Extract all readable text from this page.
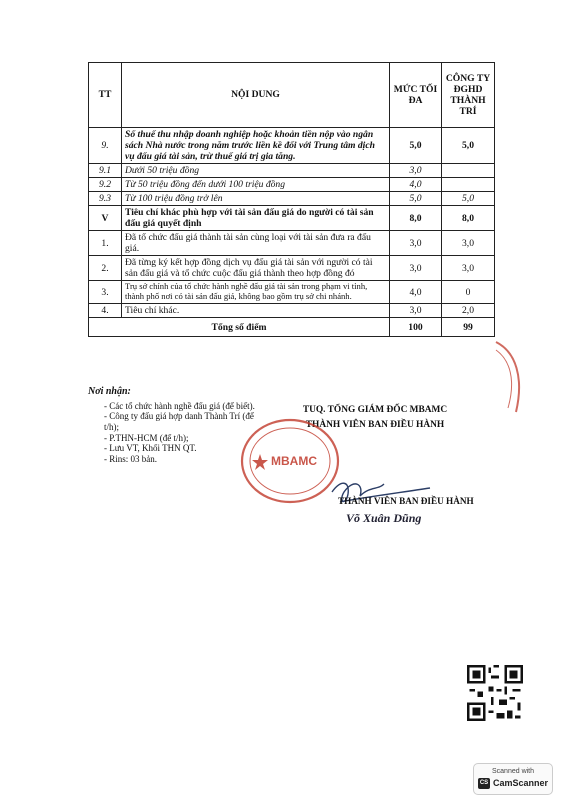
TT	NỘI DUNG	MỨC TỐI ĐA	CÔNG TY ĐGHD THÀNH TRÍ
9.	Số thuế thu nhập doanh nghiệp hoặc khoản tiền nộp vào ngân sách Nhà nước trong năm trước liền kề đối với Trung tâm dịch vụ đấu giá tài sản, trừ thuế giá trị gia tăng.	5,0	5,0
9.1	Dưới 50 triệu đồng	3,0	
9.2	Từ 50 triệu đồng đến dưới 100 triệu đồng	4,0	
9.3	Từ 100 triệu đồng trở lên	5,0	5,0
V	Tiêu chí khác phù hợp với tài sản đấu giá do người có tài sản đấu giá quyết định	8,0	8,0
1.	Đã tổ chức đấu giá thành tài sản cùng loại với tài sản đưa ra đấu giá.	3,0	3,0
2.	Đã từng ký kết hợp đồng dịch vụ đấu giá tài sản với người có tài sản đấu giá và tổ chức cuộc đấu giá thành theo hợp đồng đó	3,0	3,0
3.	Trụ sở chính của tổ chức hành nghề đấu giá tài sản trong phạm vi tỉnh, thành phố nơi có tài sản đấu giá, không bao gồm trụ sở chi nhánh.	4,0	0
4.	Tiêu chí khác.	3,0	2,0
Tổng số điểm		100	99
Nơi nhận:
- Các tổ chức hành nghề đấu giá (để biết).
- Công ty đấu giá hợp danh Thành Trí (để t/h);
- P.THN-HCM (để t/h);
- Lưu VT, Khối THN QT.
- Rins: 03 bản.
TUQ. TỔNG GIÁM ĐỐC MBAMC
THÀNH VIÊN BAN ĐIỀU HÀNH
MBAMC
THÀNH VIÊN BAN ĐIỀU HÀNH
Võ Xuân Dũng
Scanned with
CS CamScanner
